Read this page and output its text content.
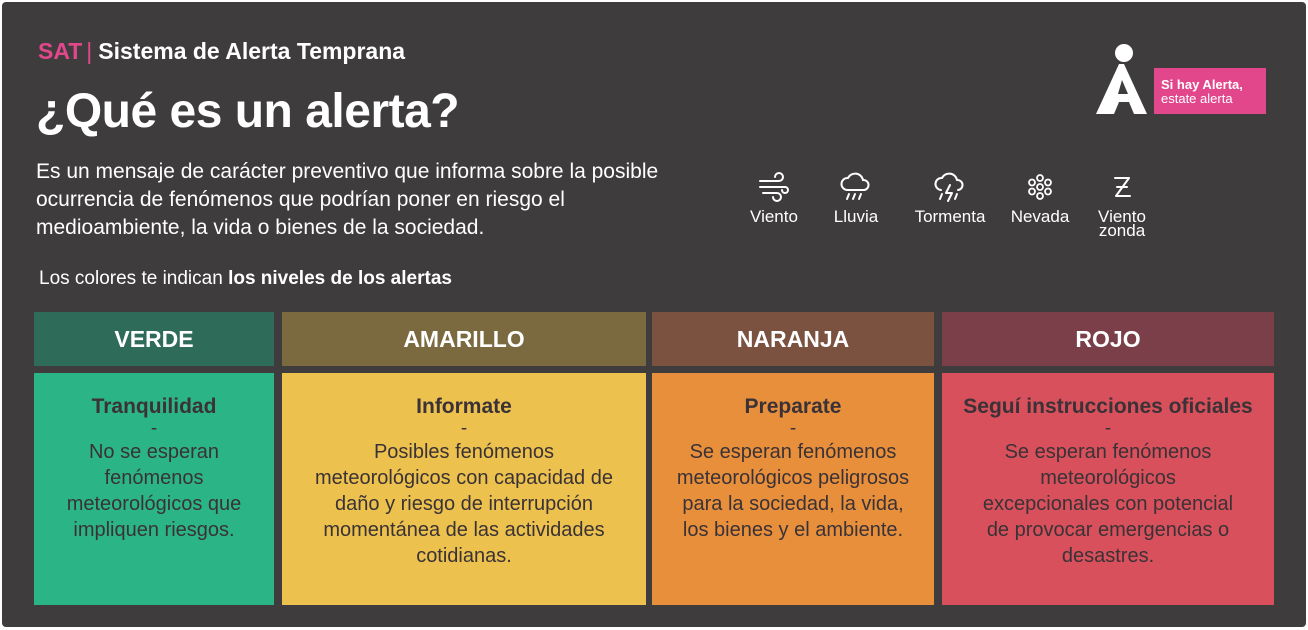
SAT | Sistema de Alerta Temprana
¿Qué es un alerta?
Es un mensaje de carácter preventivo que informa sobre la posible ocurrencia de fenómenos que podrían poner en riesgo el medioambiente, la vida o bienes de la sociedad.
Si hay Alerta,
estate alerta
Viento	Lluvia	Tormenta	Nevada	Viento zonda
Los colores te indican los niveles de los alertas
VERDE
Tranquilidad
-
No se esperan fenómenos meteorológicos que impliquen riesgos.
AMARILLO
Informate
-
Posibles fenómenos meteorológicos con capacidad de daño y riesgo de interrupción momentánea de las actividades cotidianas.
NARANJA
Preparate
-
Se esperan fenómenos meteorológicos peligrosos para la sociedad, la vida, los bienes y el ambiente.
ROJO
Seguí instrucciones oficiales
-
Se esperan fenómenos meteorológicos excepcionales con potencial de provocar emergencias o desastres.
